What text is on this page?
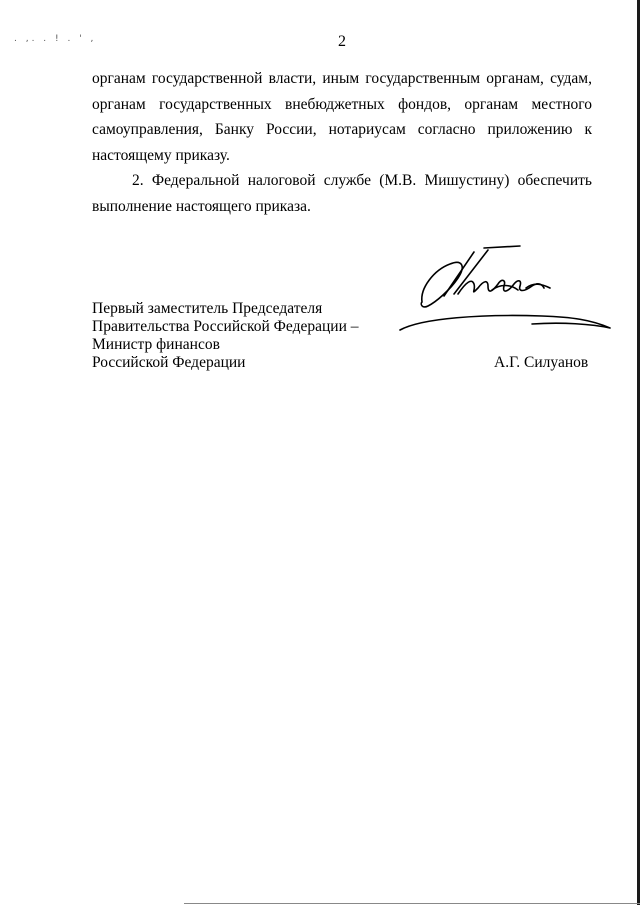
. ,. . ! . ' ,	2

органам государственной власти, иным государственным органам, судам,
органам государственных внебюджетных фондов, органам местного
самоуправления, Банку России, нотариусам согласно приложению к
настоящему приказу.

2. Федеральной налоговой службе (М.В. Мишустину) обеспечить
выполнение настоящего приказа.

Первый заместитель Председателя
Правительства Российской Федерации –
Министр финансов
Российской Федерации	А.Г. Силуанов
